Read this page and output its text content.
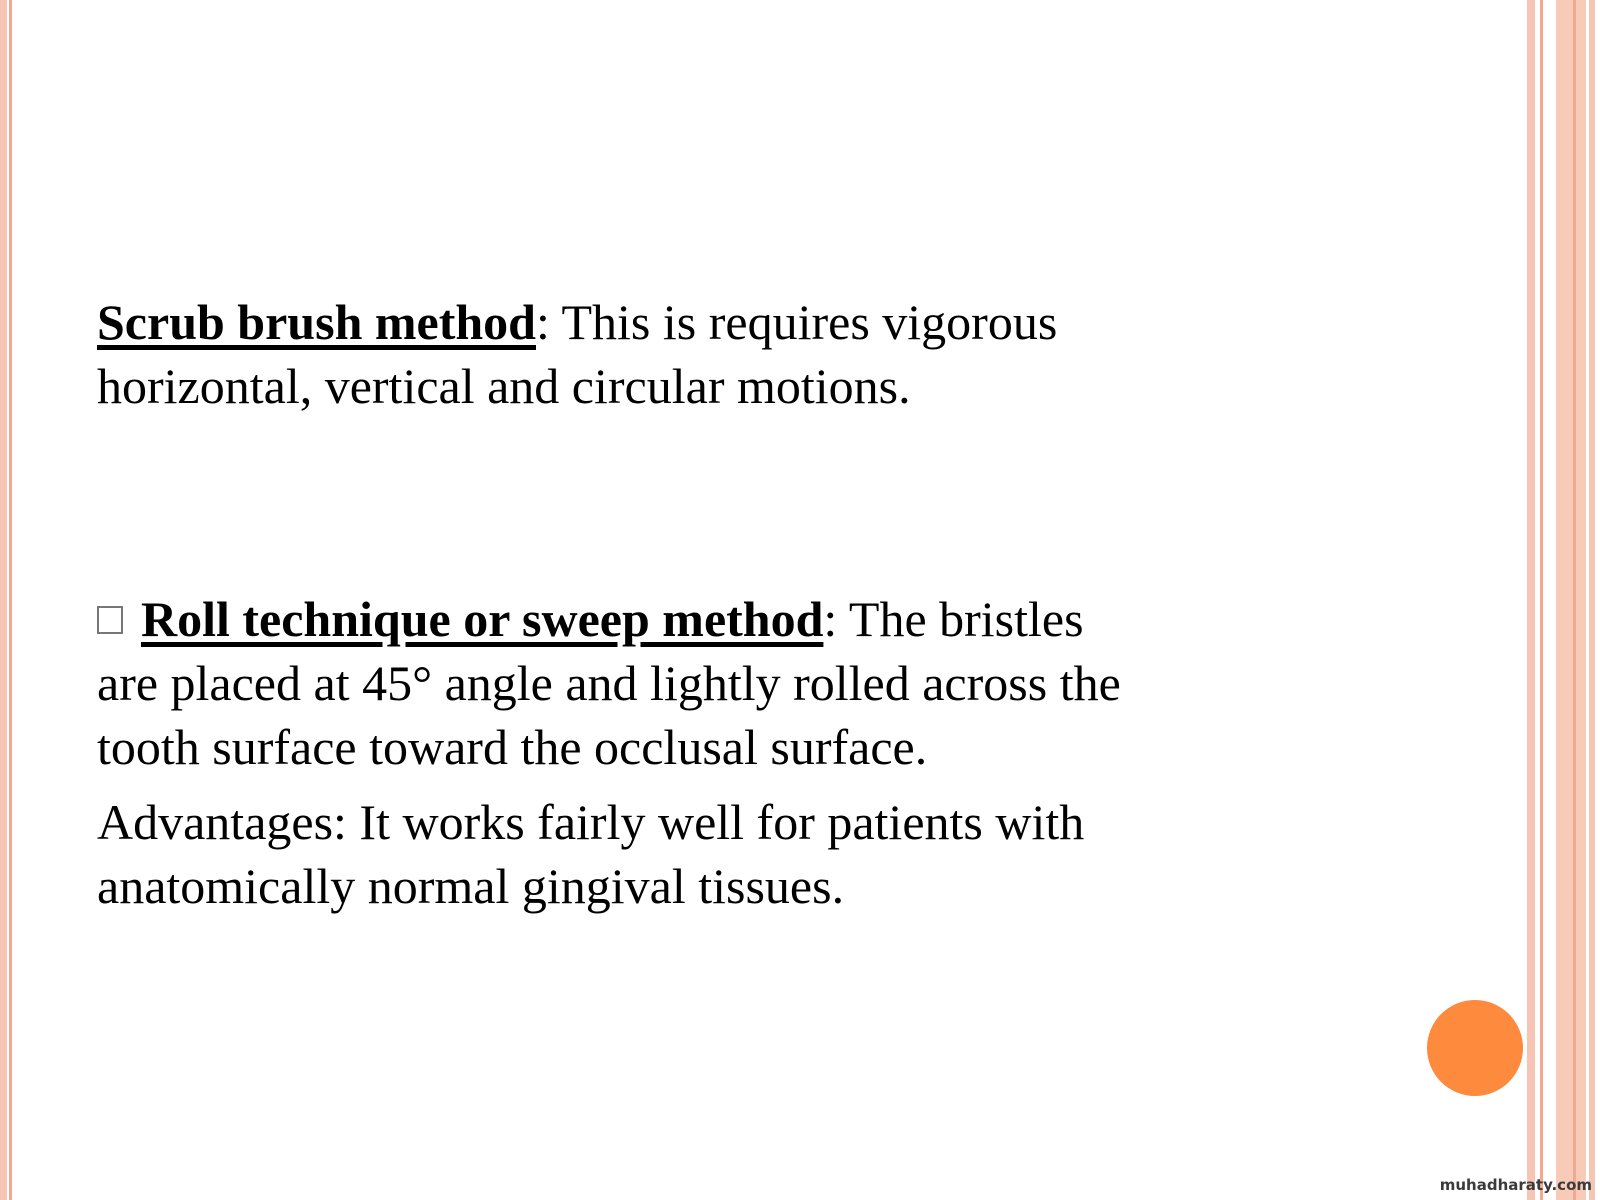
Scrub brush method: This is requires vigorous
horizontal, vertical and circular motions.
Roll technique or sweep method: The bristles
are placed at 45° angle and lightly rolled across the
tooth surface toward the occlusal surface.
Advantages: It works fairly well for patients with
anatomically normal gingival tissues.
muhadharaty.com
